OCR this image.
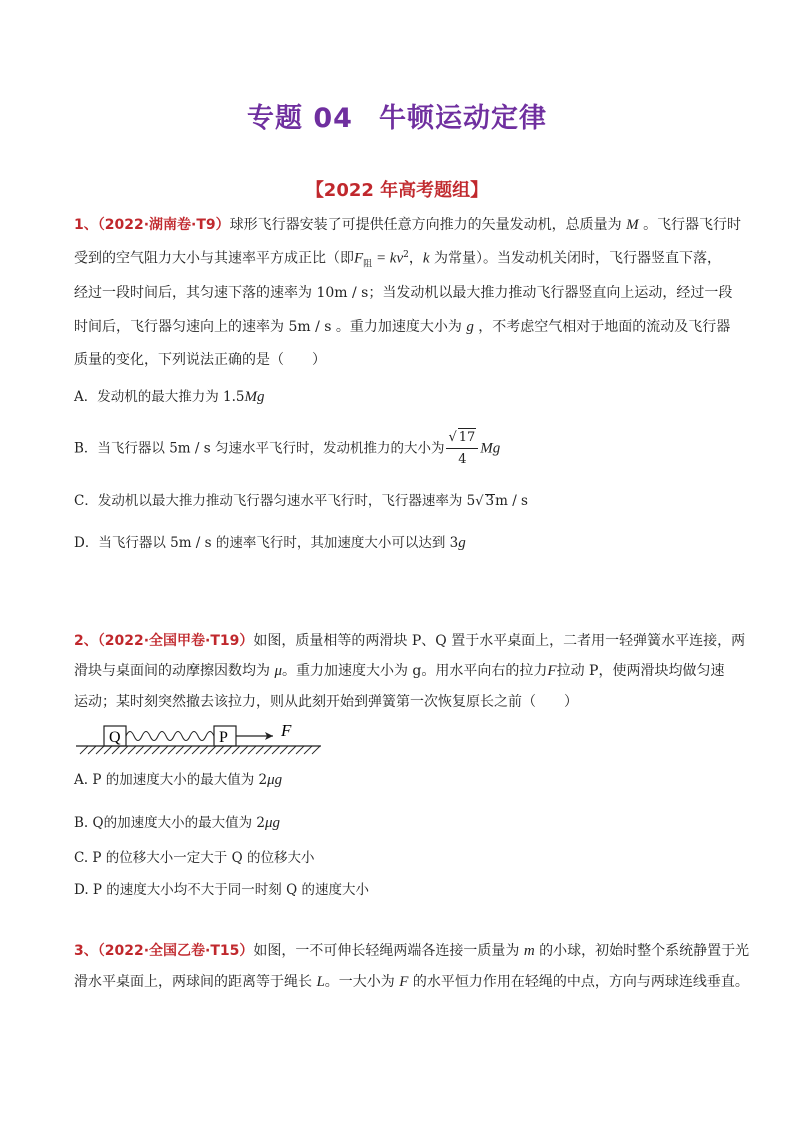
专题 04 牛顿运动定律
【2022 年高考题组】
1、（2022·湖南卷·T9）球形飞行器安装了可提供任意方向推力的矢量发动机，总质量为 M 。飞行器飞行时
受到的空气阻力大小与其速率平方成正比（即$F_阻 = kv^2$，k 为常量）。当发动机关闭时，飞行器竖直下落，
经过一段时间后，其匀速下落的速率为 10m / s；当发动机以最大推力推动飞行器竖直向上运动，经过一段
时间后，飞行器匀速向上的速率为 5m / s 。重力加速度大小为 g ，不考虑空气相对于地面的流动及飞行器
质量的变化，下列说法正确的是（　　）
A．发动机的最大推力为 1.5Mg
B．当飞行器以 5m / s 匀速水平飞行时，发动机推力的大小为 $\frac{√ 17}{4}$ Mg
C．发动机以最大推力推动飞行器匀速水平飞行时，飞行器速率为 5√ 3m / s
D．当飞行器以 5m / s 的速率飞行时，其加速度大小可以达到 3g
2、（2022·全国甲卷·T19）如图，质量相等的两滑块 P、Q 置于水平桌面上，二者用一轻弹簧水平连接，两
滑块与桌面间的动摩擦因数均为 μ。重力加速度大小为 g。用水平向右的拉力F拉动 P，使两滑块均做匀速
运动；某时刻突然撤去该拉力，则从此刻开始到弹簧第一次恢复原长之前（　　）
Q	P	F
A. P 的加速度大小的最大值为 2μg
B. Q的加速度大小的最大值为 2μg
C. P 的位移大小一定大于 Q 的位移大小
D. P 的速度大小均不大于同一时刻 Q 的速度大小
3、（2022·全国乙卷·T15）如图，一不可伸长轻绳两端各连接一质量为 m 的小球，初始时整个系统静置于光
滑水平桌面上，两球间的距离等于绳长 L。一大小为 F 的水平恒力作用在轻绳的中点，方向与两球连线垂直。
